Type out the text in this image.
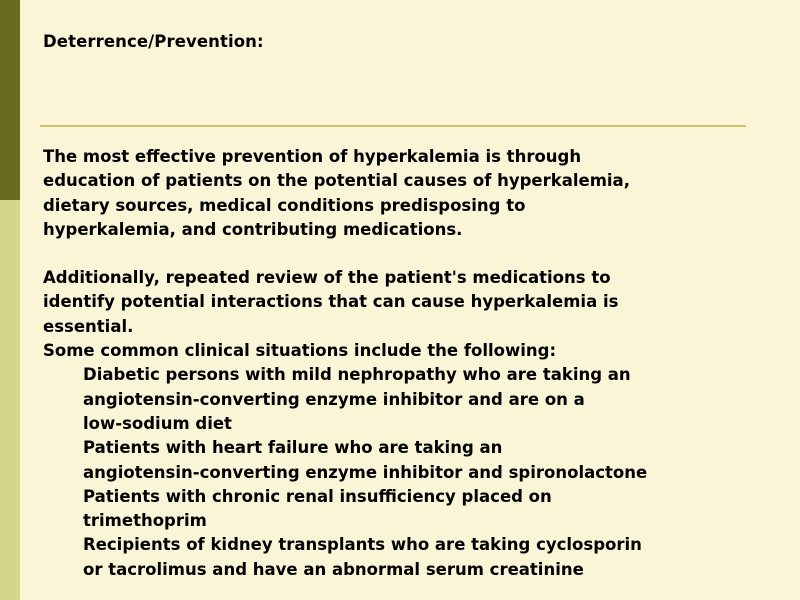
Deterrence/Prevention:

The most effective prevention of hyperkalemia is through

education of patients on the potential causes of hyperkalemia,

dietary sources, medical conditions predisposing to

hyperkalemia, and contributing medications.

Additionally, repeated review of the patient's medications to

identify potential interactions that can cause hyperkalemia is

essential.

Some common clinical situations include the following:

Diabetic persons with mild nephropathy who are taking an

angiotensin-converting enzyme inhibitor and are on a

low-sodium diet

Patients with heart failure who are taking an

angiotensin-converting enzyme inhibitor and spironolactone

Patients with chronic renal insufficiency placed on

trimethoprim

Recipients of kidney transplants who are taking cyclosporin

or tacrolimus and have an abnormal serum creatinine
